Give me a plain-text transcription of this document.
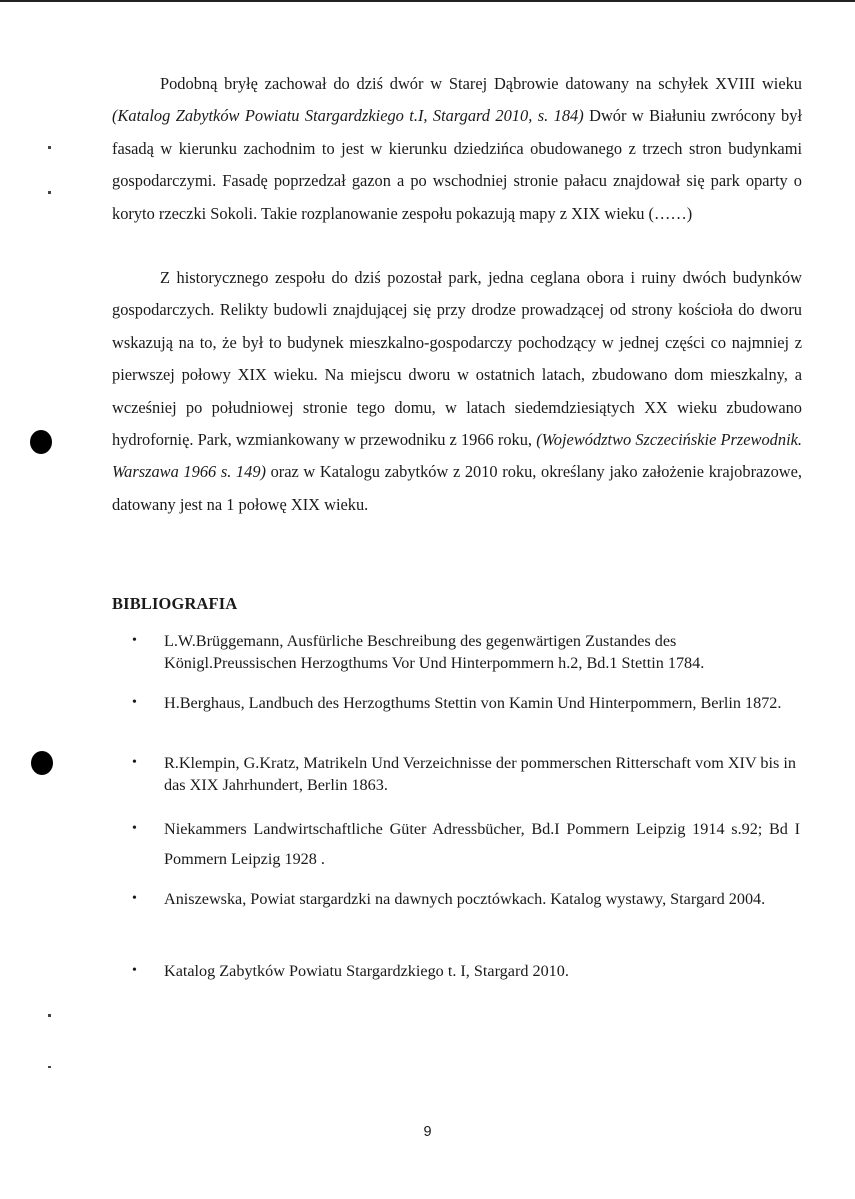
Podobną bryłę zachował do dziś dwór w Starej Dąbrowie datowany na schyłek XVIII wieku (Katalog Zabytków Powiatu Stargardzkiego t.I, Stargard 2010, s. 184) Dwór w Białuniu zwrócony był fasadą w kierunku zachodnim to jest w kierunku dziedzińca obudowanego z trzech stron budynkami gospodarczymi. Fasadę poprzedzał gazon a po wschodniej stronie pałacu znajdował się park oparty o koryto rzeczki Sokoli. Takie rozplanowanie zespołu pokazują mapy z XIX wieku (……)

Z historycznego zespołu do dziś pozostał park, jedna ceglana obora i ruiny dwóch budynków gospodarczych. Relikty budowli znajdującej się przy drodze prowadzącej od strony kościoła do dworu wskazują na to, że był to budynek mieszkalno-gospodarczy pochodzący w jednej części co najmniej z pierwszej połowy XIX wieku. Na miejscu dworu w ostatnich latach, zbudowano dom mieszkalny, a wcześniej po południowej stronie tego domu, w latach siedemdziesiątych XX wieku zbudowano hydrofornię. Park, wzmiankowany w przewodniku z 1966 roku, (Województwo Szczecińskie Przewodnik. Warszawa 1966 s. 149) oraz w Katalogu zabytków z 2010 roku, określany jako założenie krajobrazowe, datowany jest na 1 połowę XIX wieku.

BIBLIOGRAFIA
• L.W.Brüggemann, Ausfürliche Beschreibung des gegenwärtigen Zustandes des Königl.Preussischen Herzogthums Vor Und Hinterpommern h.2, Bd.1 Stettin 1784.
• H.Berghaus, Landbuch des Herzogthums Stettin von Kamin Und Hinterpommern, Berlin 1872.
• R.Klempin, G.Kratz, Matrikeln Und Verzeichnisse der pommerschen Ritterschaft vom XIV bis in das XIX Jahrhundert, Berlin 1863.
• Niekammers Landwirtschaftliche Güter Adressbücher, Bd.I Pommern Leipzig 1914 s.92; Bd I Pommern Leipzig 1928 .
• Aniszewska, Powiat stargardzki na dawnych pocztówkach. Katalog wystawy, Stargard 2004.
• Katalog Zabytków Powiatu Stargardzkiego t. I, Stargard 2010.
9
